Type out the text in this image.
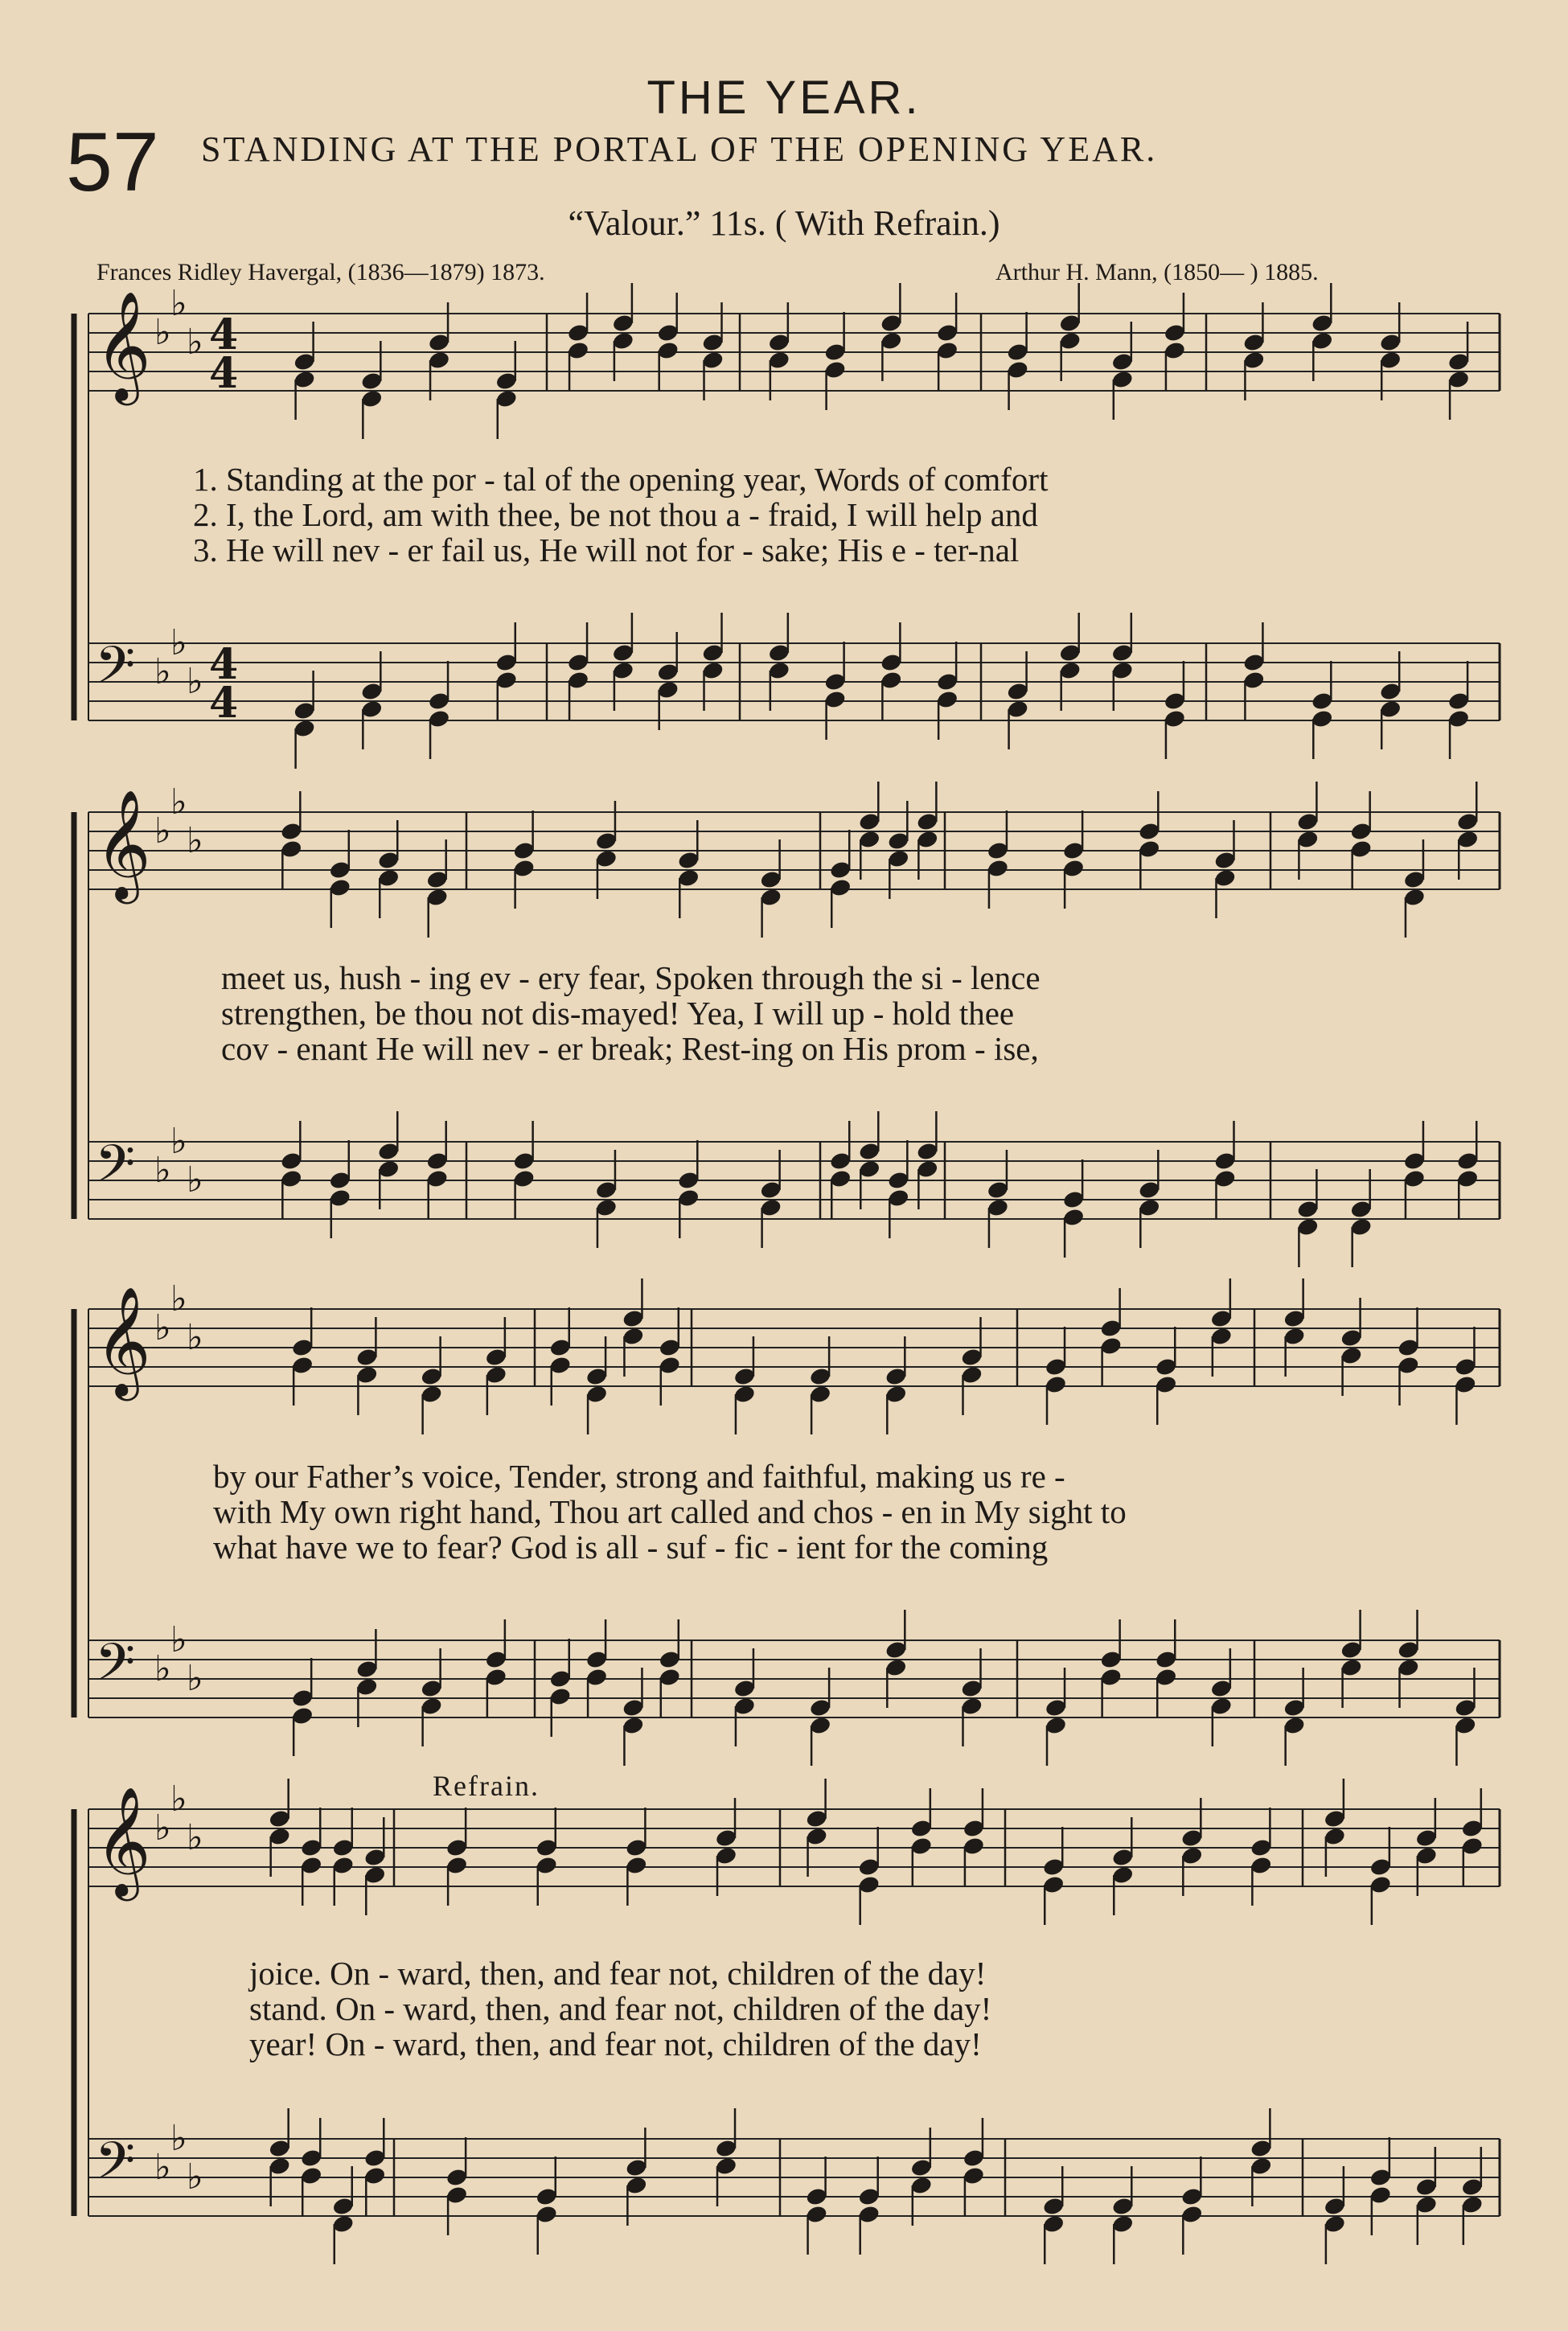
THE YEAR.
57 STANDING AT THE PORTAL OF THE OPENING YEAR.
“Valour.” 11s. ( With Refrain.)
Frances Ridley Havergal, (1836—1879) 1873.	Arthur H. Mann, (1850— ) 1885.
𝄞 ♭
♭
♭ 4
4
𝄢 ♭
♭
♭ 4
4
𝄞 ♭
♭
♭
𝄢 ♭
♭
♭
𝄞 ♭
♭
♭
𝄢 ♭
♭
♭
𝄞 ♭
♭
♭
𝄢 ♭
♭
♭
Refrain.
1. Standing at the por - tal of the opening year, Words of comfort
2. I, the Lord, am with thee, be not thou a - fraid, I will help and
3. He will nev - er fail us, He will not for - sake; His e - ter-nal
meet us, hush - ing ev - ery fear, Spoken through the si - lence
strengthen, be thou not dis-mayed! Yea, I will up - hold thee
cov - enant He will nev - er break; Rest-ing on His prom - ise,
by our Father’s voice, Tender, strong and faithful, making us re -
with My own right hand, Thou art called and chos - en in My sight to
what have we to fear? God is all - suf - fic - ient for the coming
joice. On - ward, then, and fear not, children of the day!
stand. On - ward, then, and fear not, children of the day!
year! On - ward, then, and fear not, children of the day!
